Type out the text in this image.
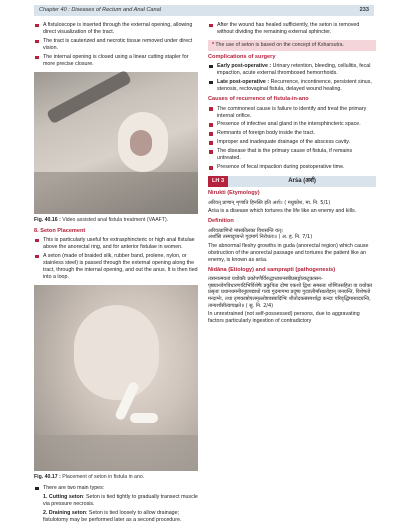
Chapter 40 : Diseases of Rectum and Anal Canal	233
A fistuloscope is inserted through the external opening, allowing direct visualization of the tract.
The tract is cauterized and necrotic tissue removed under direct vision.
The internal opening is closed using a linear cutting stapler for more precise closure.
Fig. 40.16 : Video assisted anal fistula treatment (VAAFT).
8. Seton Placement
This is particularly useful for extrasphincteric or high anal fistulae above the anorectal ring, and for anterior fistulae in women.
A seton (made of braided silk, rubber band, prolene, nylon, or stainless steel) is passed through the external opening along the tract, through the internal opening, and out the anus. It is then tied into a loop.
Fig. 40.17 : Placement of seton in fistula in ano.
There are two main types:
1. Cutting seton: Seton is tied tightly to gradually transect muscle via pressure necrosis.
2. Draining seton: Seton is tied loosely to allow drainage; fistulotomy may be performed later as a second procedure.
After the wound has healed sufficiently, the seton is removed without dividing the remaining external sphincter.
* The use of seton is based on the concept of Ksharsutra.
Complications of surgery
Early post-operative : Urinary retention, bleeding, cellulitis, fecal impaction, acute external thrombosed hemorrhoids.
Late post-operative : Recurrence, incontinence, persistent sinus, stenosis, rectovaginal fistula, delayed wound healing.
Causes of recurrence of fistula-in-ano
The commonest cause is failure to identify and treat the primary internal orifice.
Presence of infective anal gland in the intersphincteric space.
Remnants of foreign body inside the tract.
Improper and inadequate drainage of the abscess cavity.
The disease that is the primary cause of fistula, if remains untreated.
Presence of fecal impaction during postoperative time.
LH 3	Arśa (अर्श)
Nirukti (Etymology)

अरिवत् प्राणान् शृणाति हिनस्ति इति अर्शः। ( मधुकोश, मा. नि. 5/1)

Arśa is a disease which tortures the life like an enemy and kills.

Definition

अरिवत्प्राणिनो मांसकीलका विशसन्ति यत्।

अर्शांसि तस्मादुच्यन्ते गुदमार्ग निरोधतः॥ ( अ. हृ. नि. 7/1)

The abnormal fleshy growths in guda (anorectal region) which cause obstruction of the anorectal passage and tortures the patient like an enemy, is known as arśa.

Nidāna (Etiology) and samprapti (pathogenesis)

तत्रानात्मवतां यथोक्तैः प्रकोपणैर्विरुद्धाध्यशनस्त्रीप्रसङ्गोत्कटुकासन-पृष्ठयानवेगविधारणादिभिर्विशेषैः प्रकुपिता दोषा एकशो द्विशः समस्ताः शोणितसहिता वा यथोक्तं प्रसृताः प्रधानधमनीरनुप्रपद्याधो गत्वा गुदमागम्य प्रदूष्य गुदवलीर्मांसप्ररोहान् जनयन्ति, विशेषतो मन्दाग्नेः, तथा तृणकाष्ठोपलमृल्लोष्टवस्त्रादिभिः शीतोदकसंस्पर्शाद्वा कन्दाः परिवृद्धिमासादयन्ति, तान्यर्शांसीत्याचक्षते॥ ( सु. नि. 2/4)

In unrestrained (not self-possessed) persons, due to aggravating factors particularly ingestion of contradictory
